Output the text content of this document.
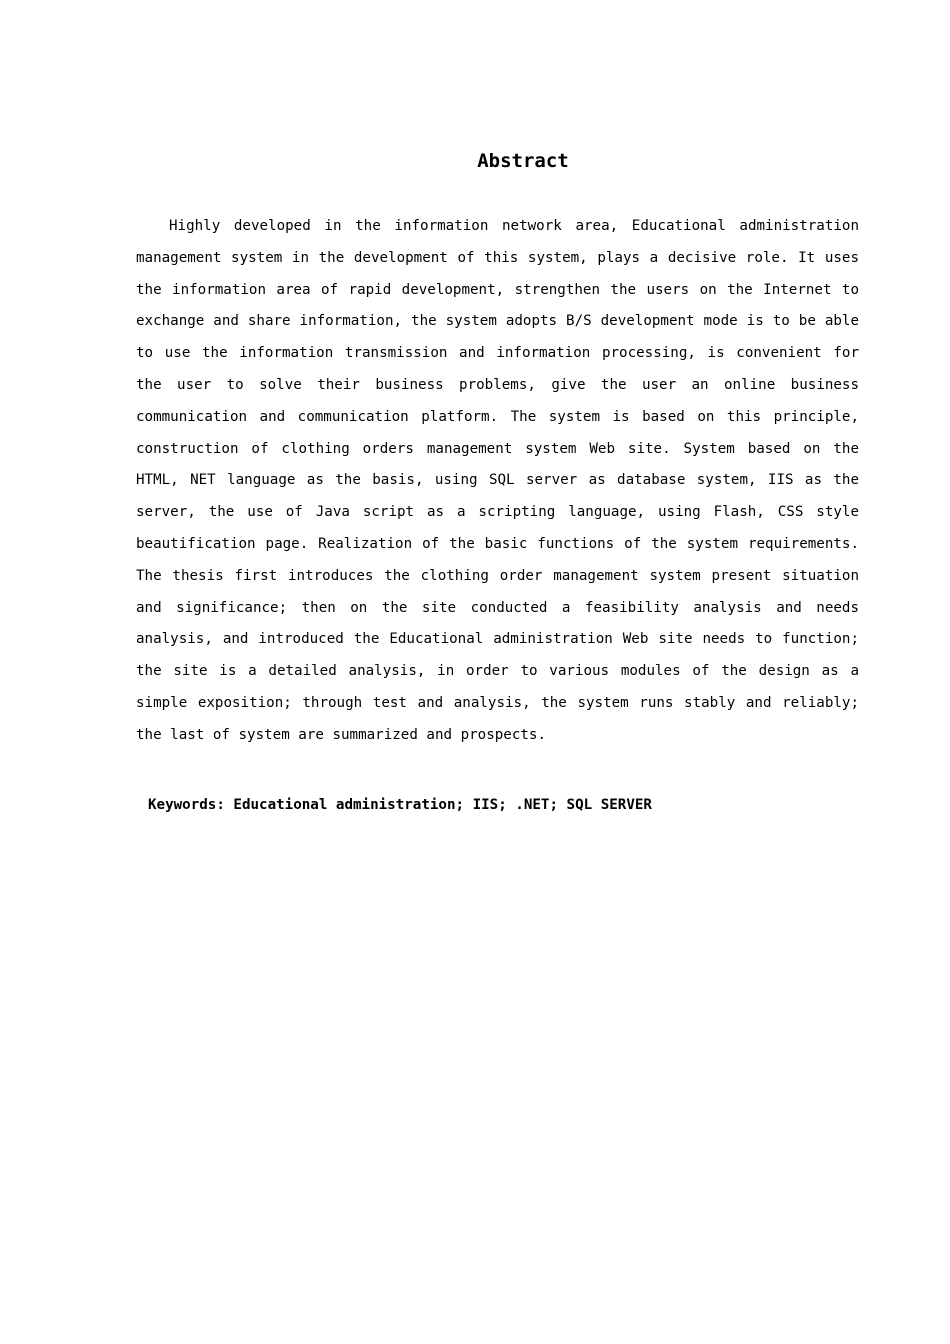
Abstract

Highly developed in the information network area, Educational administration management system in the development of this system, plays a decisive role. It uses the information area of rapid development, strengthen the users on the Internet to exchange and share information, the system adopts B/S development mode is to be able to use the information transmission and information processing, is convenient for the user to solve their business problems, give the user an online business communication and communication platform. The system is based on this principle, construction of clothing orders management system Web site. System based on the HTML, NET language as the basis, using SQL server as database system, IIS as the server, the use of Java script as a scripting language, using Flash, CSS style beautification page. Realization of the basic functions of the system requirements. The thesis first introduces the clothing order management system present situation and significance; then on the site conducted a feasibility analysis and needs analysis, and introduced the Educational administration Web site needs to function; the site is a detailed analysis, in order to various modules of the design as a simple exposition; through test and analysis, the system runs stably and reliably; the last of system are summarized and prospects.

Keywords: Educational administration; IIS; .NET; SQL SERVER
